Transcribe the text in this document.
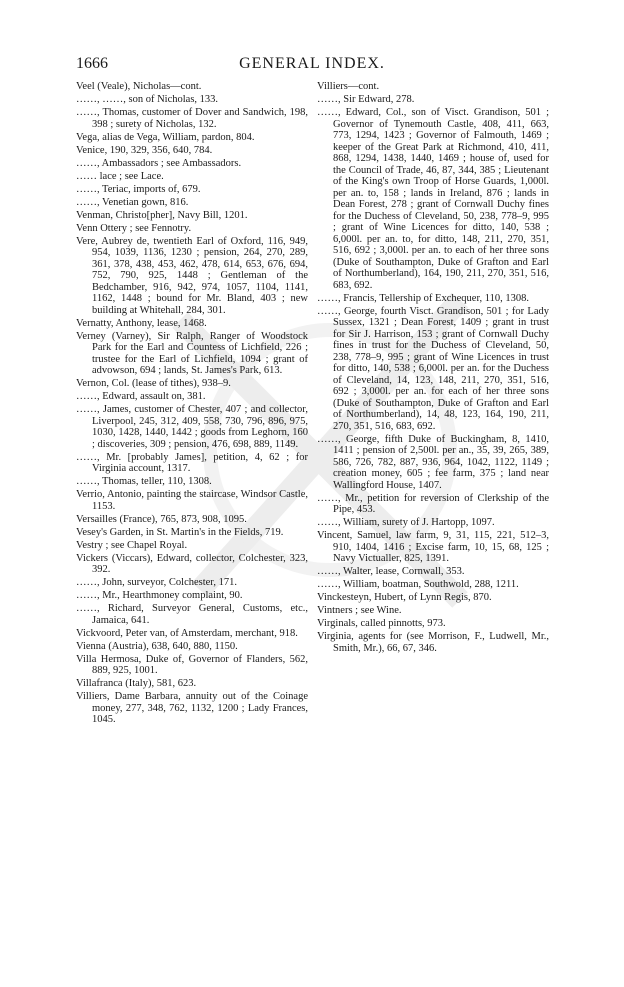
1666	GENERAL INDEX.

Veel (Veale), Nicholas—cont.

……, ……, son of Nicholas, 133.

……, Thomas, customer of Dover and Sandwich, 198, 398 ; surety of Nicholas, 132.

Vega, alias de Vega, William, pardon, 804.

Venice, 190, 329, 356, 640, 784.

……, Ambassadors ; see Ambassadors.

…… lace ; see Lace.

……, Teriac, imports of, 679.

……, Venetian gown, 816.

Venman, Christo[pher], Navy Bill, 1201.

Venn Ottery ; see Fennotry.

Vere, Aubrey de, twentieth Earl of Oxford, 116, 949, 954, 1039, 1136, 1230 ; pension, 264, 270, 289, 361, 378, 438, 453, 462, 478, 614, 653, 676, 694, 752, 790, 925, 1448 ; Gentleman of the Bedchamber, 916, 942, 974, 1057, 1104, 1141, 1162, 1448 ; bound for Mr. Bland, 403 ; new building at Whitehall, 284, 301.

Vernatty, Anthony, lease, 1468.

Verney (Varney), Sir Ralph, Ranger of Woodstock Park for the Earl and Countess of Lichfield, 226 ; trustee for the Earl of Lichfield, 1094 ; grant of advowson, 694 ; lands, St. James's Park, 613.

Vernon, Col. (lease of tithes), 938–9.

……, Edward, assault on, 381.

……, James, customer of Chester, 407 ; and collector, Liverpool, 245, 312, 409, 558, 730, 796, 896, 975, 1030, 1428, 1440, 1442 ; goods from Leghorn, 160 ; discoveries, 309 ; pension, 476, 698, 889, 1149.

……, Mr. [probably James], petition, 4, 62 ; for Virginia account, 1317.

……, Thomas, teller, 110, 1308.

Verrio, Antonio, painting the staircase, Windsor Castle, 1153.

Versailles (France), 765, 873, 908, 1095.

Vesey's Garden, in St. Martin's in the Fields, 719.

Vestry ; see Chapel Royal.

Vickers (Viccars), Edward, collector, Colchester, 323, 392.

……, John, surveyor, Colchester, 171.

……, Mr., Hearthmoney complaint, 90.

……, Richard, Surveyor General, Customs, etc., Jamaica, 641.

Vickvoord, Peter van, of Amsterdam, merchant, 918.

Vienna (Austria), 638, 640, 880, 1150.

Villa Hermosa, Duke of, Governor of Flanders, 562, 889, 925, 1001.

Villafranca (Italy), 581, 623.

Villiers, Dame Barbara, annuity out of the Coinage money, 277, 348, 762, 1132, 1200 ; Lady Frances, 1045.

Villiers—cont.

……, Sir Edward, 278.

……, Edward, Col., son of Visct. Grandison, 501 ; Governor of Tynemouth Castle, 408, 411, 663, 773, 1294, 1423 ; Governor of Falmouth, 1469 ; keeper of the Great Park at Richmond, 410, 411, 868, 1294, 1438, 1440, 1469 ; house of, used for the Council of Trade, 46, 87, 344, 385 ; Lieutenant of the King's own Troop of Horse Guards, 1,000l. per an. to, 158 ; lands in Ireland, 876 ; lands in Dean Forest, 278 ; grant of Cornwall Duchy fines for the Duchess of Cleveland, 50, 238, 778–9, 995 ; grant of Wine Licences for ditto, 140, 538 ; 6,000l. per an. to, for ditto, 148, 211, 270, 351, 516, 692 ; 3,000l. per an. to each of her three sons (Duke of Southampton, Duke of Grafton and Earl of Northumberland), 164, 190, 211, 270, 351, 516, 683, 692.

……, Francis, Tellership of Exchequer, 110, 1308.

……, George, fourth Visct. Grandison, 501 ; for Lady Sussex, 1321 ; Dean Forest, 1409 ; grant in trust for Sir J. Harrison, 153 ; grant of Cornwall Duchy fines in trust for the Duchess of Cleveland, 50, 238, 778–9, 995 ; grant of Wine Licences in trust for ditto, 140, 538 ; 6,000l. per an. for the Duchess of Cleveland, 14, 123, 148, 211, 270, 351, 516, 692 ; 3,000l. per an. for each of her three sons (Duke of Southampton, Duke of Grafton and Earl of Northumberland), 14, 48, 123, 164, 190, 211, 270, 351, 516, 683, 692.

……, George, fifth Duke of Buckingham, 8, 1410, 1411 ; pension of 2,500l. per an., 35, 39, 265, 389, 586, 726, 782, 887, 936, 964, 1042, 1122, 1149 ; creation money, 605 ; fee farm, 375 ; land near Wallingford House, 1407.

……, Mr., petition for reversion of Clerkship of the Pipe, 453.

……, William, surety of J. Hartopp, 1097.

Vincent, Samuel, law farm, 9, 31, 115, 221, 512–3, 910, 1404, 1416 ; Excise farm, 10, 15, 68, 125 ; Navy Victualler, 825, 1391.

……, Walter, lease, Cornwall, 353.

……, William, boatman, Southwold, 288, 1211.

Vinckesteyn, Hubert, of Lynn Regis, 870.

Vintners ; see Wine.

Virginals, called pinnotts, 973.

Virginia, agents for (see Morrison, F., Ludwell, Mr., Smith, Mr.), 66, 67, 346.
